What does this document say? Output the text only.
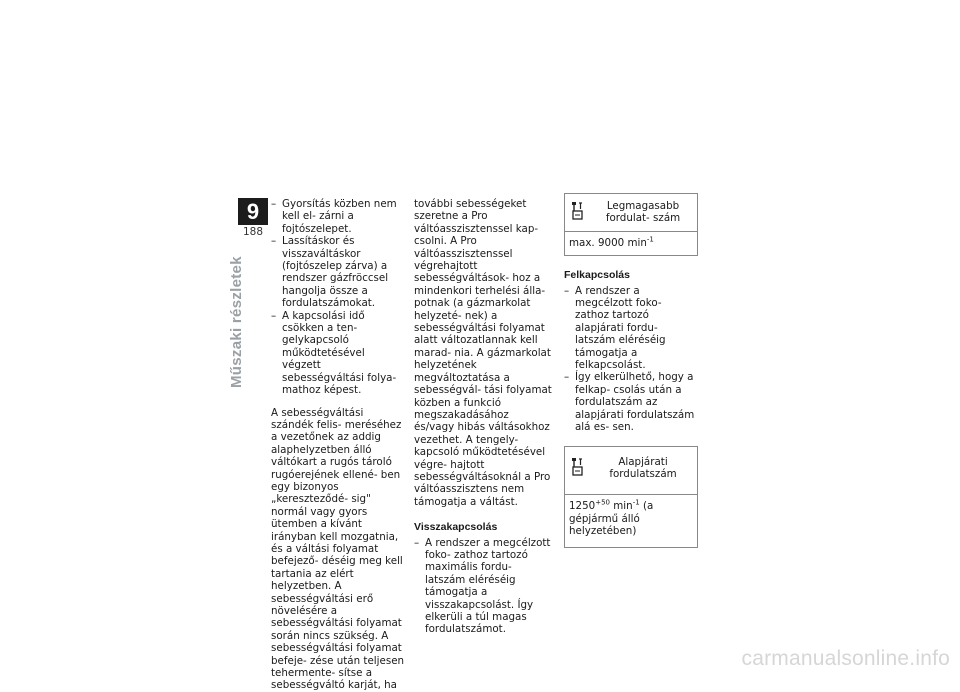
9
188
Műszaki részletek
– Gyorsítás közben nem kell el- zárni a fojtószelepet.
– Lassításkor és visszaváltáskor (fojtószelep zárva) a rendszer gázfröccsel hangolja össze a fordulatszámokat.
– A kapcsolási idő csökken a ten- gelykapcsoló működtetésével végzett sebességváltási folya- mathoz képest.

A sebességváltási szándék felis- meréséhez a vezetőnek az addig alaphelyzetben álló váltókart a rugós tároló rugóerejének ellené- ben egy bizonyos „kereszteződé- sig" normál vagy gyors ütemben a kívánt irányban kell mozgatnia, és a váltási folyamat befejező- déséig meg kell tartania az elért helyzetben. A sebességváltási erő növelésére a sebességváltási folyamat során nincs szükség. A sebességváltási folyamat befeje- zése után teljesen tehermente- sítse a sebességváltó karját, ha

további sebességeket szeretne a Pro váltóasszisztenssel kap- csolni. A Pro váltóasszisztenssel végrehajtott sebességváltások- hoz a mindenkori terhelési álla- potnak (a gázmarkolat helyzeté- nek) a sebességváltási folyamat alatt változatlannak kell marad- nia. A gázmarkolat helyzetének megváltoztatása a sebességvál- tási folyamat közben a funkció megszakadásához és/vagy hibás váltásokhoz vezethet. A tengely- kapcsoló működtetésével végre- hajtott sebességváltásoknál a Pro váltóasszisztens nem támogatja a váltást.

Visszakapcsolás
– A rendszer a megcélzott foko- zathoz tartozó maximális fordu- latszám eléréséig támogatja a visszakapcsolást. Így elkerüli a túl magas fordulatszámot.
Legmagasabb fordulat- szám
max. 9000 $\min^{-1}$
Felkapcsolás
– A rendszer a megcélzott foko- zathoz tartozó alapjárati fordu- latszám eléréséig támogatja a felkapcsolást.
– Így elkerülhető, hogy a felkap- csolás után a fordulatszám az alapjárati fordulatszám alá es- sen.
Alapjárati fordulatszám
$1250^{+50}$ $\min^{-1} (a$ gépjármű álló helyzetében)
carmanualsonline.info
